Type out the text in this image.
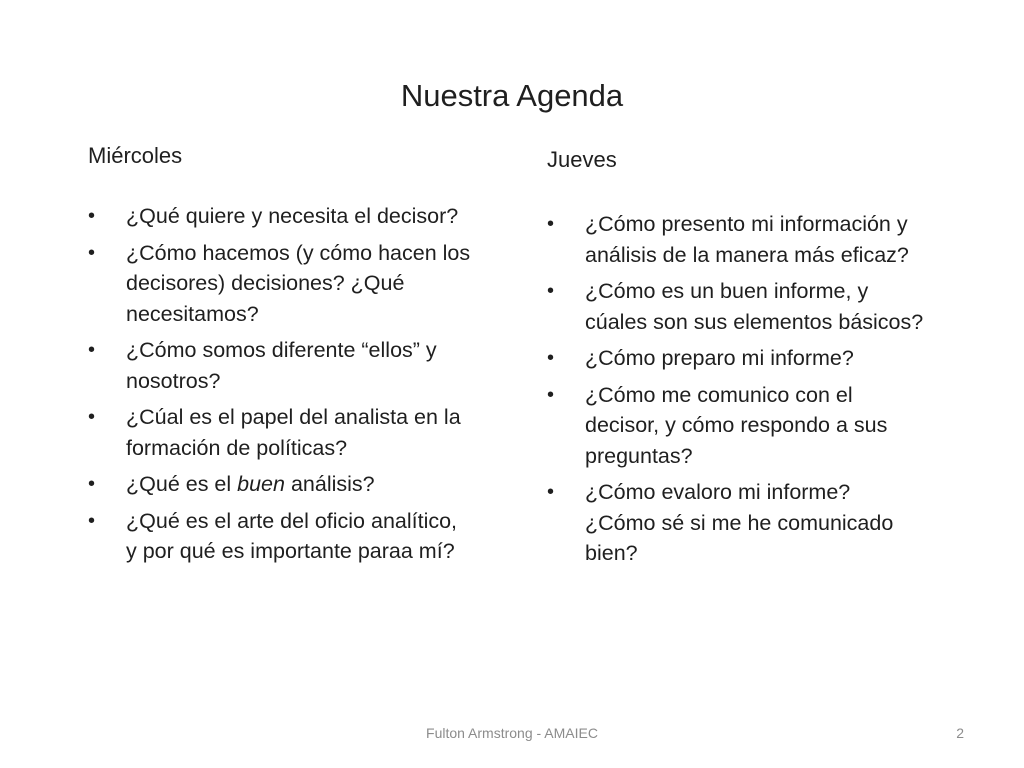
Nuestra Agenda

Miércoles

• ¿Qué quiere y necesita el decisor?
• ¿Cómo hacemos (y cómo hacen los decisores) decisiones? ¿Qué necesitamos?
• ¿Cómo somos diferente “ellos” y nosotros?
• ¿Cúal es el papel del analista en la formación de políticas?
• ¿Qué es el buen análisis?
• ¿Qué es el arte del oficio analítico, y por qué es importante paraa mí?

Jueves

• ¿Cómo presento mi información y análisis de la manera más eficaz?
• ¿Cómo es un buen informe, y cúales son sus elementos básicos?
• ¿Cómo preparo mi informe?
• ¿Cómo me comunico con el decisor, y cómo respondo a sus preguntas?
• ¿Cómo evaloro mi informe? ¿Cómo sé si me he comunicado bien?
Fulton Armstrong - AMAIEC	2
